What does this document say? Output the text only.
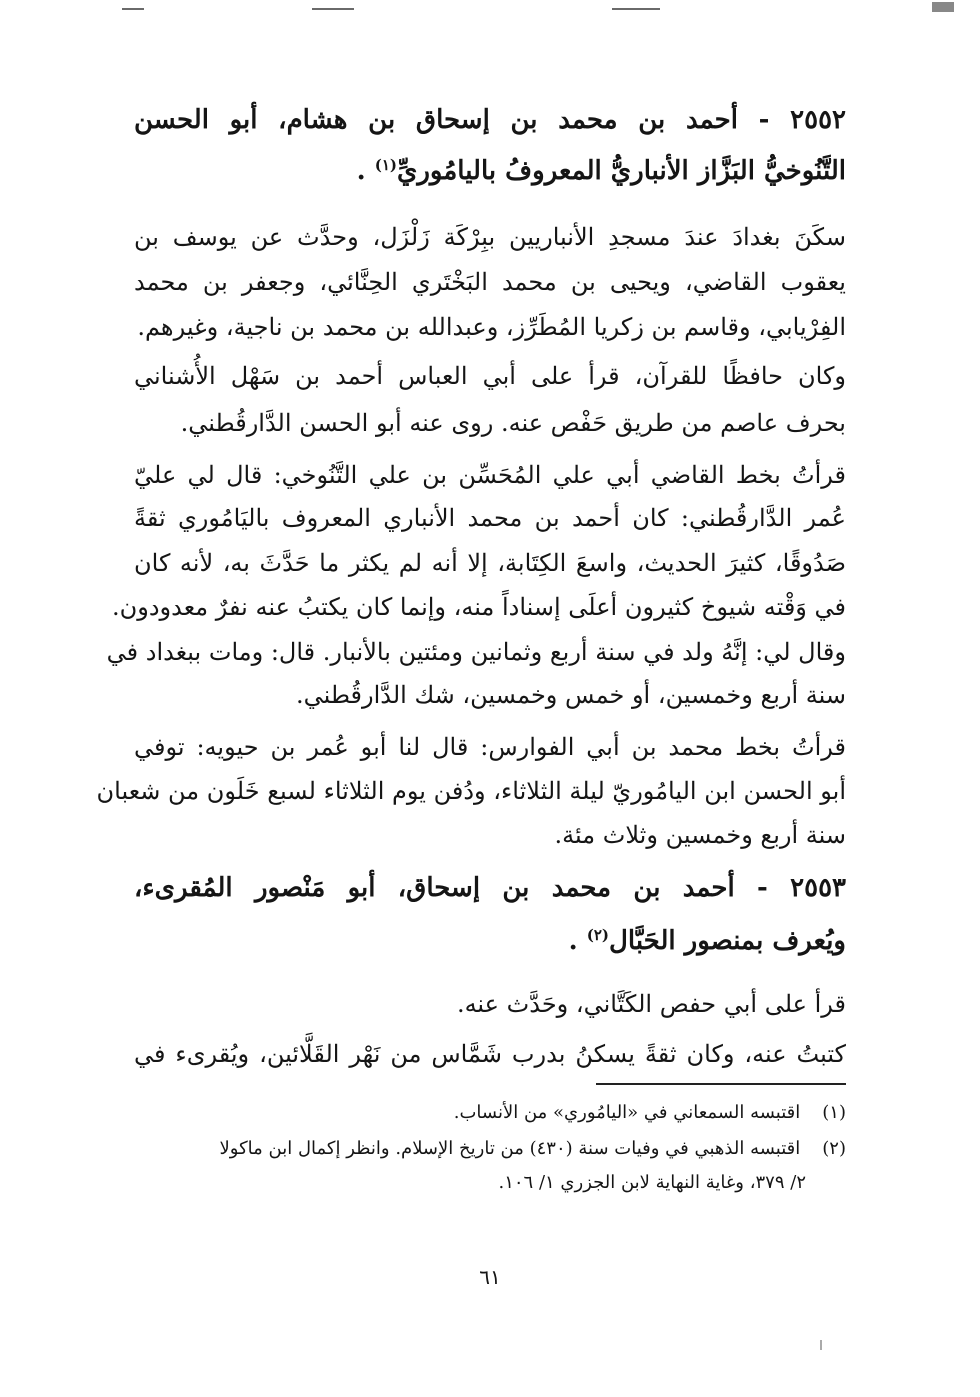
٢٥٥٢ - أحمد بن محمد بن إسحاق بن هشام، أبو الحسن
التَّنُوخيُّ البَزَّاز الأنباريُّ المعروفُ باليامُوريِّ$^{(١)}$ .
سكَنَ بغدادَ عندَ مسجدِ الأنباريين ببِرْكَة زَلْزَل، وحدَّث عن يوسف بن
يعقوب القاضي، ويحيى بن محمد البَخْتَري الحِنَّائي، وجعفر بن محمد
الفِرْيابي، وقاسم بن زكريا المُطَرِّز، وعبدالله بن محمد بن ناجية، وغيرهم.
وكان حافظًا للقرآن، قرأ على أبي العباس أحمد بن سَهْل الأُشناني
بحرف عاصم من طريق حَفْص عنه. روى عنه أبو الحسن الدَّارقُطني.
قرأتُ بخط القاضي أبي علي المُحَسِّن بن علي التَّنُوخي: قال لي عليّ
عُمر الدَّارقُطني: كان أحمد بن محمد الأنباري المعروف باليَامُوري ثقةً
صَدُوقًا، كثيرَ الحديث، واسعَ الكِتَابة، إلا أنه لم يكثر ما حَدَّثَ به، لأنه كان
في وَقْته شيوخ كثيرون أعلَى إسناداً منه، وإنما كان يكتبُ عنه نفرٌ معدودون.
وقال لي: إنَّهُ ولد في سنة أربع وثمانين ومئتين بالأنبار. قال: ومات ببغداد في
سنة أربع وخمسين، أو خمس وخمسين، شك الدَّارقُطني.
قرأتُ بخط محمد بن أبي الفوارس: قال لنا أبو عُمر بن حيويه: توفي
أبو الحسن ابن اليامُوريّ ليلة الثلاثاء، ودُفن يوم الثلاثاء لسبع خَلَون من شعبان
سنة أربع وخمسين وثلاث مئة.
٢٥٥٣ - أحمد بن محمد بن إسحاق، أبو مَنْصور المُقرىء،
ويُعرف بمنصور الحَبَّال$^{(٢)}$ .
قرأ على أبي حفص الكَتَّاني، وحَدَّث عنه.
كتبتُ عنه، وكان ثقةً يسكنُ بدرب شَمَّاس من نَهْر القَلَّائين، ويُقرىء في
(١) اقتبسه السمعاني في «اليامُوري» من الأنساب.
(٢) اقتبسه الذهبي في وفيات سنة (٤٣٠) من تاريخ الإسلام. وانظر إكمال ابن ماكولا
٢/ ٣٧٩، وغاية النهاية لابن الجزري ١/ ١٠٦.
٦١
